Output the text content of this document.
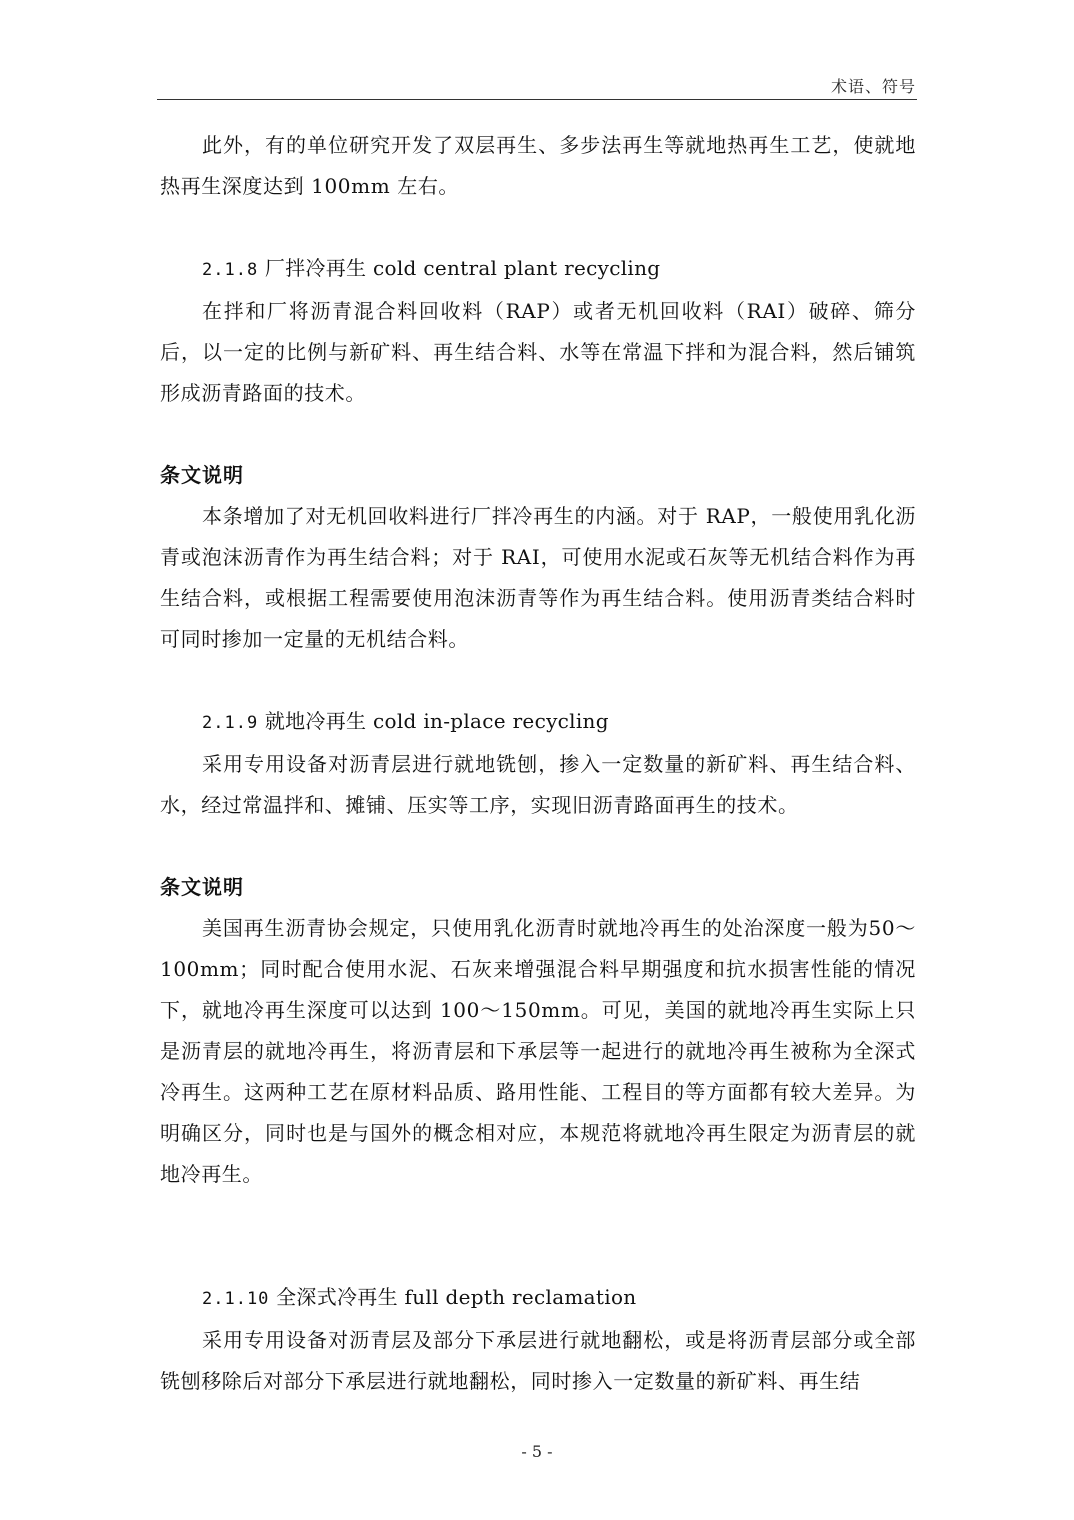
术语、符号

此外，有的单位研究开发了双层再生、多步法再生等就地热再生工艺，使就地热再生深度达到 100mm 左右。

2.1.8 厂拌冷再生 cold central plant recycling

在拌和厂将沥青混合料回收料（RAP）或者无机回收料（RAI）破碎、筛分后，以一定的比例与新矿料、再生结合料、水等在常温下拌和为混合料，然后铺筑形成沥青路面的技术。

条文说明

本条增加了对无机回收料进行厂拌冷再生的内涵。对于 RAP，一般使用乳化沥青或泡沫沥青作为再生结合料；对于 RAI，可使用水泥或石灰等无机结合料作为再生结合料，或根据工程需要使用泡沫沥青等作为再生结合料。使用沥青类结合料时可同时掺加一定量的无机结合料。

2.1.9 就地冷再生 cold in-place recycling

采用专用设备对沥青层进行就地铣刨，掺入一定数量的新矿料、再生结合料、水，经过常温拌和、摊铺、压实等工序，实现旧沥青路面再生的技术。

条文说明

美国再生沥青协会规定，只使用乳化沥青时就地冷再生的处治深度一般为50～100mm；同时配合使用水泥、石灰来增强混合料早期强度和抗水损害性能的情况下，就地冷再生深度可以达到 100～150mm。可见，美国的就地冷再生实际上只是沥青层的就地冷再生，将沥青层和下承层等一起进行的就地冷再生被称为全深式冷再生。这两种工艺在原材料品质、路用性能、工程目的等方面都有较大差异。为明确区分，同时也是与国外的概念相对应，本规范将就地冷再生限定为沥青层的就地冷再生。

2.1.10 全深式冷再生 full depth reclamation

采用专用设备对沥青层及部分下承层进行就地翻松，或是将沥青层部分或全部铣刨移除后对部分下承层进行就地翻松，同时掺入一定数量的新矿料、再生结

- 5 -
